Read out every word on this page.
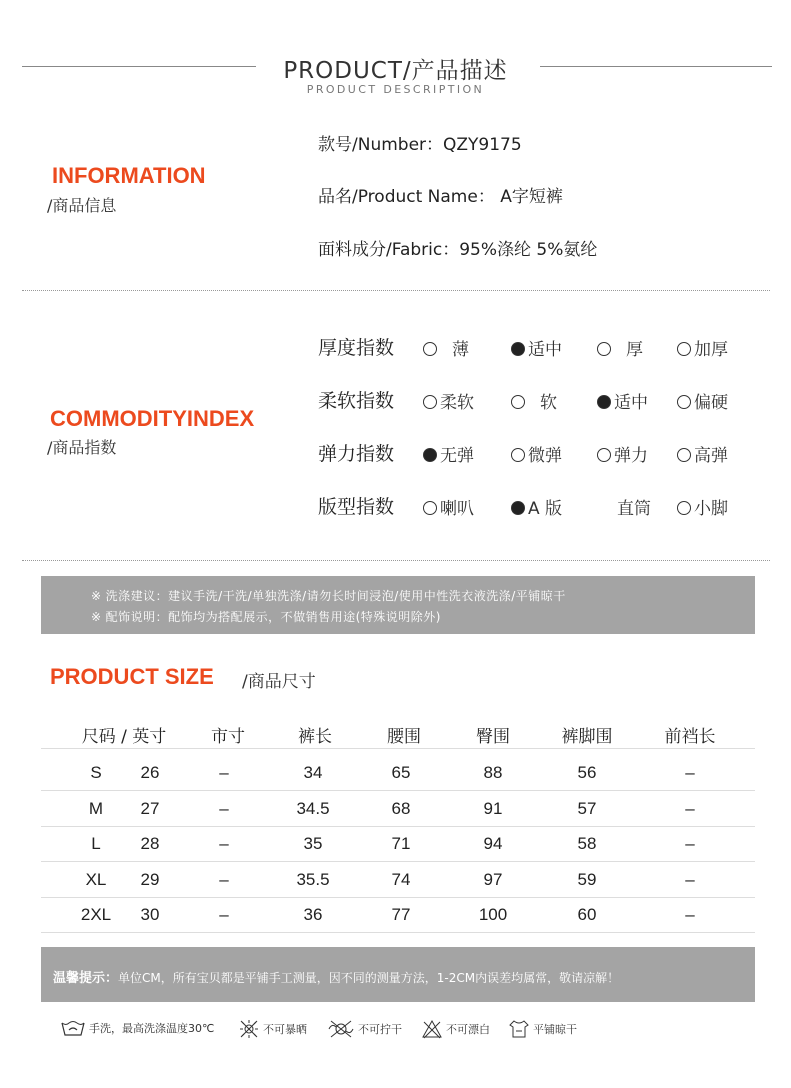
PRODUCT/产品描述
PRODUCT DESCRIPTION
INFORMATION
/商品信息
款号/Number：QZY9175
品名/Product Name： A字短裤
面料成分/Fabric：95%涤纶 5%氨纶
COMMODITYINDEX
/商品指数
厚度指数	薄	适中	厚	加厚
柔软指数	柔软	软	适中	偏硬
弹力指数	无弹	微弹	弹力	高弹
版型指数	喇叭	A 版	直筒	小脚
※ 洗涤建议：建议手洗/干洗/单独洗涤/请勿长时间浸泡/使用中性洗衣液洗涤/平铺晾干
※ 配饰说明：配饰均为搭配展示，不做销售用途(特殊说明除外)
PRODUCT SIZE /商品尺寸
尺码 / 英寸	市寸	裤长	腰围	臀围	裤脚围	前裆长
S	26	–	34	65	88	56	–
M	27	–	34.5	68	91	57	–
L	28	–	35	71	94	58	–
XL	29	–	35.5	74	97	59	–
2XL	30	–	36	77	100	60	–
温馨提示：单位CM，所有宝贝都是平铺手工测量，因不同的测量方法，1-2CM内误差均属常，敬请凉解！
手洗，最高洗涤温度30℃	不可暴晒	不可拧干	不可漂白	平铺晾干
